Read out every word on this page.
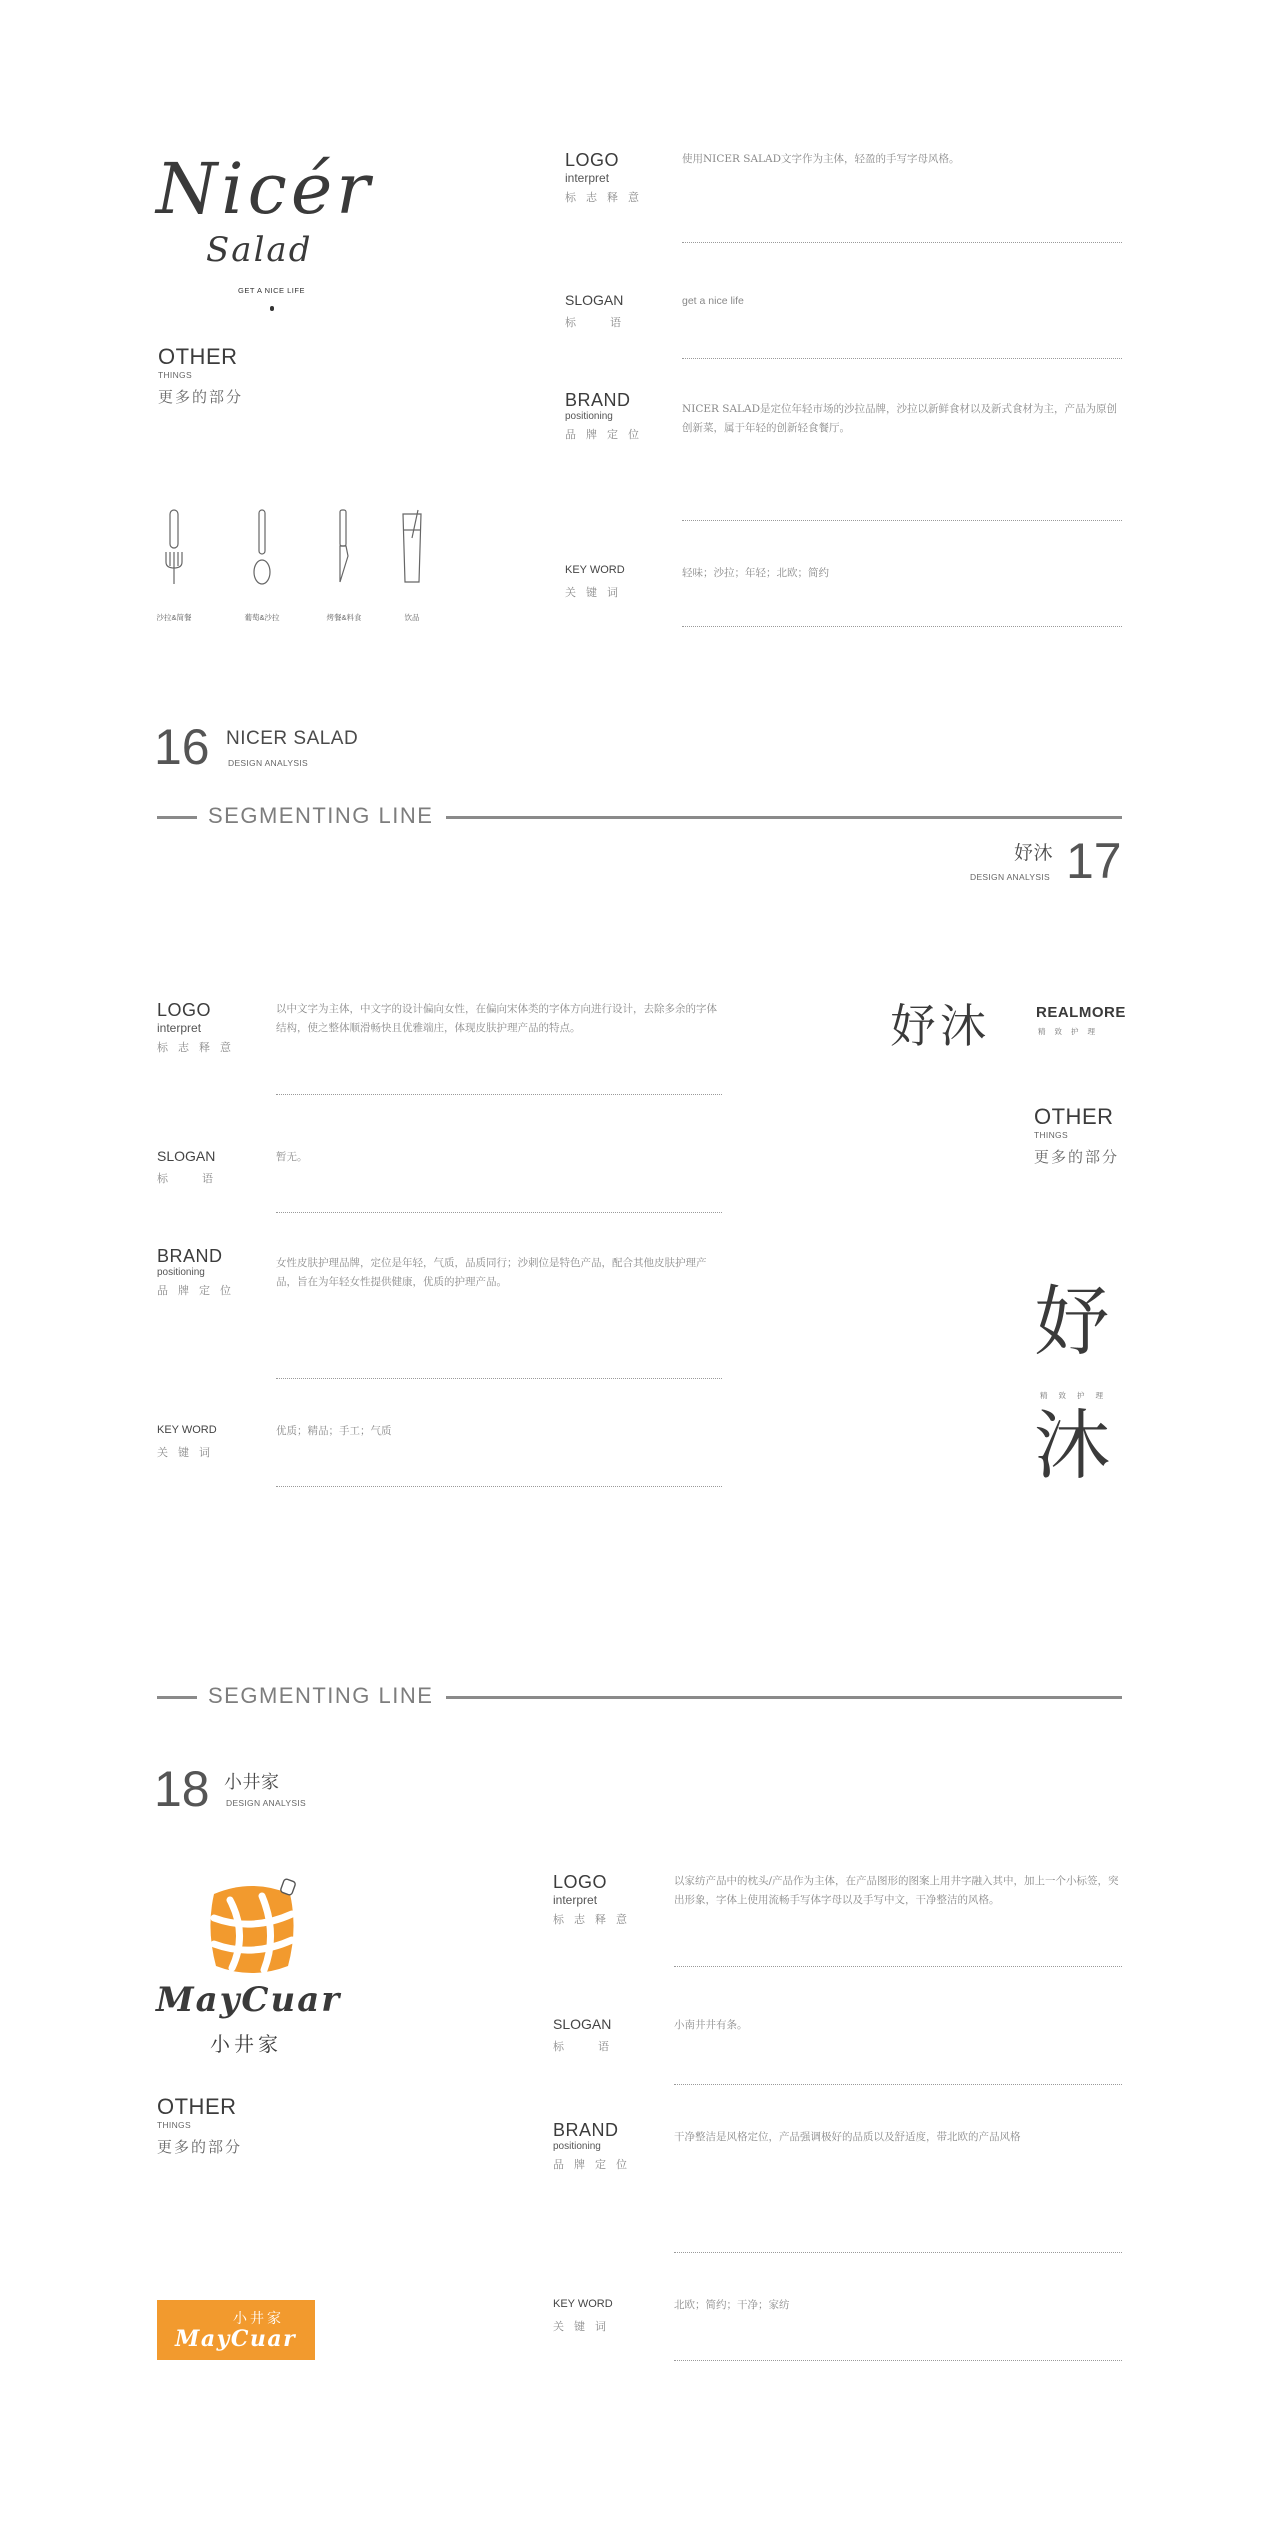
Nicér
Salad
GET A NICE LIFE
OTHER
THINGS
更多的部分
沙拉&简餐	葡萄&沙拉	烤餐&料食	饮品
LOGO
interpret
标志释意
使用NICER SALAD文字作为主体，轻盈的手写字母风格。
SLOGAN
标语
get a nice life
BRAND
positioning
品牌定位
NICER SALAD是定位年轻市场的沙拉品牌，沙拉以新鲜食材以及新式食材为主，产品为原创创新菜，属于年轻的创新轻食餐厅。
KEY WORD
关键词
轻味；沙拉；年轻；北欧；简约
16 NICER SALAD
DESIGN ANALYSIS
SEGMENTING LINE
妤沐
DESIGN ANALYSIS 17
LOGO
interpret
标志释意
以中文字为主体，中文字的设计偏向女性，在偏向宋体类的字体方向进行设计，去除多余的字体结构，使之整体顺滑畅快且优雅端庄，体现皮肤护理产品的特点。
SLOGAN
标语
暂无。
BRAND
positioning
品牌定位
女性皮肤护理品牌，定位是年轻，气质，品质同行；沙刺位是特色产品，配合其他皮肤护理产品，旨在为年轻女性提供健康，优质的护理产品。
KEY WORD
关键词
优质；精品；手工；气质
妤沐	REALMORE
精致护理
OTHER
THINGS
更多的部分
妤
精致护理
沐
SEGMENTING LINE
18 小井家
DESIGN ANALYSIS
MayCuar
小井家
OTHER
THINGS
更多的部分
小井家
MayCuar
LOGO
interpret
标志释意
以家纺产品中的枕头/产品作为主体，在产品图形的图案上用井字融入其中，加上一个小标签，突出形象，字体上使用流畅手写体字母以及手写中文，干净整洁的风格。
SLOGAN
标语
小南井井有条。
BRAND
positioning
品牌定位
干净整洁是风格定位，产品强调极好的品质以及舒适度，带北欧的产品风格
KEY WORD
关键词
北欧；简约；干净；家纺
